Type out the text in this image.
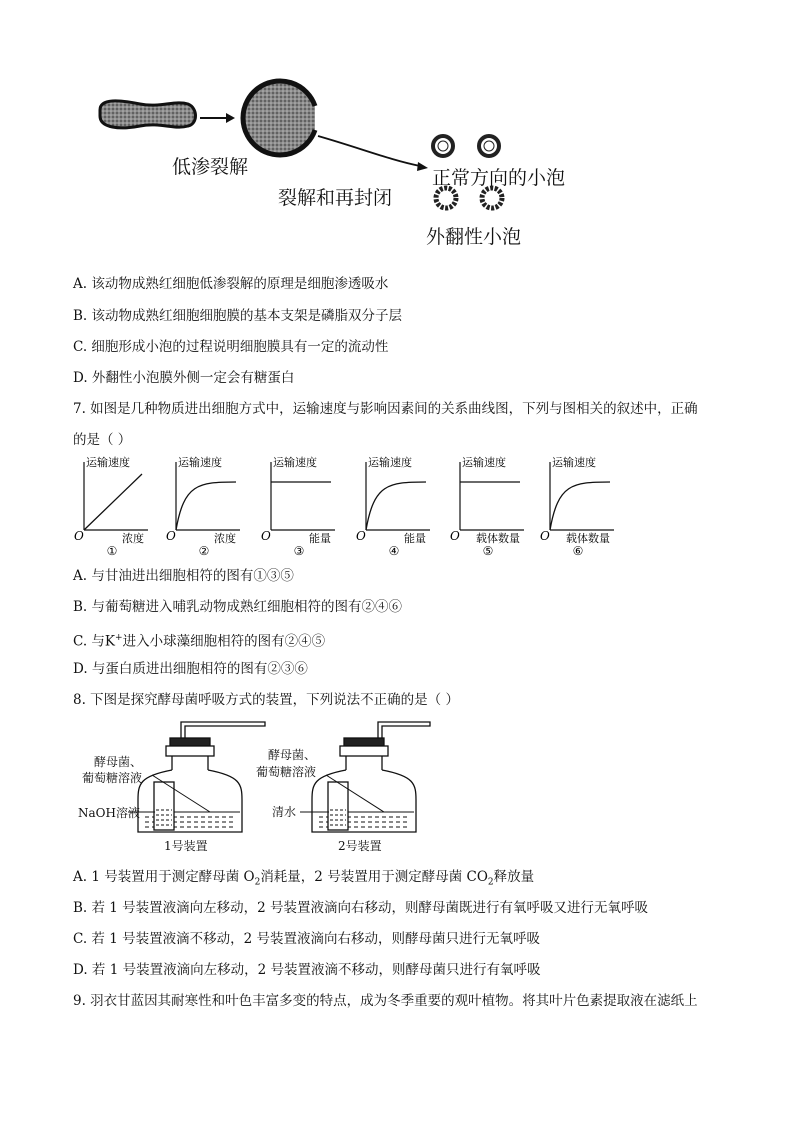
低渗裂解
裂解和再封闭
正常方向的小泡
外翻性小泡
A. 该动物成熟红细胞低渗裂解的原理是细胞渗透吸水
B. 该动物成熟红细胞细胞膜的基本支架是磷脂双分子层
C. 细胞形成小泡的过程说明细胞膜具有一定的流动性
D. 外翻性小泡膜外侧一定会有糖蛋白
7. 如图是几种物质进出细胞方式中，运输速度与影响因素间的关系曲线图，下列与图相关的叙述中，正确
的是（ ）
运输速度
O	浓度
①
运输速度
O	浓度
②
运输速度
O	能量
③
运输速度
O	能量
④
运输速度
O 载体数量
⑤
运输速度
O 载体数量
⑥
A. 与甘油进出细胞相符的图有①③⑤
B. 与葡萄糖进入哺乳动物成熟红细胞相符的图有②④⑥
C. 与K+进入小球藻细胞相符的图有②④⑤
D. 与蛋白质进出细胞相符的图有②③⑥
8. 下图是探究酵母菌呼吸方式的装置，下列说法不正确的是（ ）
酵母菌、
葡萄糖溶液
NaOH溶液
1号装置
酵母菌、
葡萄糖溶液
清水
2号装置
A. 1 号装置用于测定酵母菌 $O_2$消耗量，2 号装置用于测定酵母菌 $CO_2$释放量
B. 若 1 号装置液滴向左移动，2 号装置液滴向右移动，则酵母菌既进行有氧呼吸又进行无氧呼吸
C. 若 1 号装置液滴不移动，2 号装置液滴向右移动，则酵母菌只进行无氧呼吸
D. 若 1 号装置液滴向左移动，2 号装置液滴不移动，则酵母菌只进行有氧呼吸
9. 羽衣甘蓝因其耐寒性和叶色丰富多变的特点，成为冬季重要的观叶植物。将其叶片色素提取液在滤纸上
